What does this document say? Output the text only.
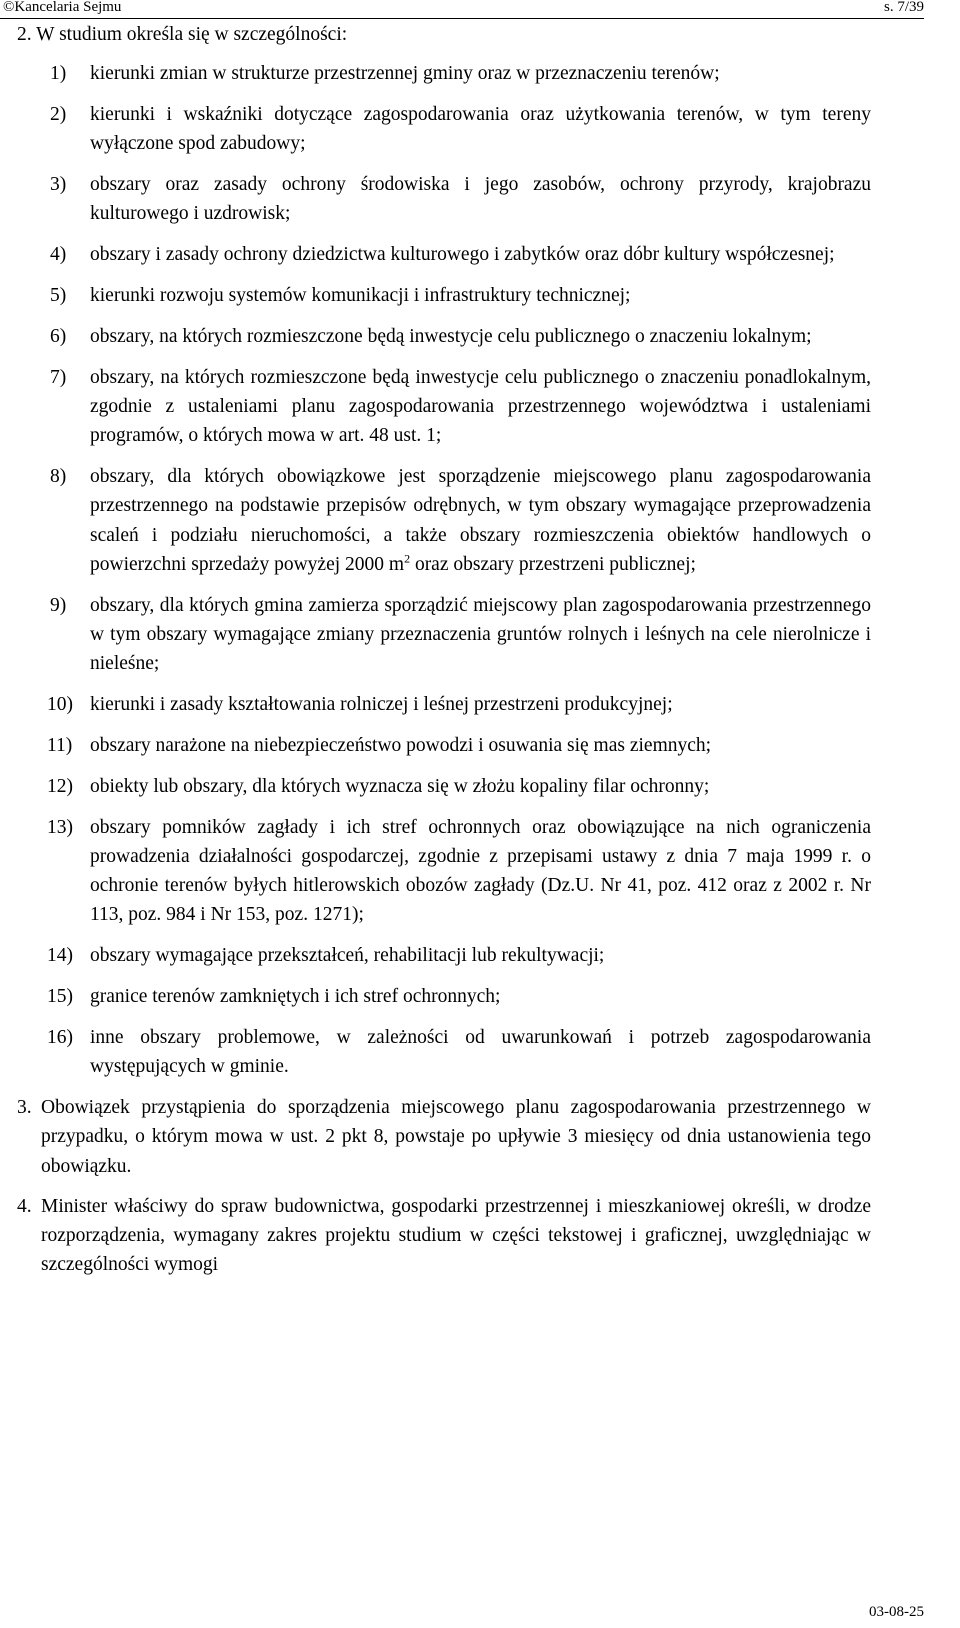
©Kancelaria Sejmu	s. 7/39
2. W studium określa się w szczególności:
1) kierunki zmian w strukturze przestrzennej gminy oraz w przeznaczeniu terenów;
2) kierunki i wskaźniki dotyczące zagospodarowania oraz użytkowania terenów, w tym tereny wyłączone spod zabudowy;
3) obszary oraz zasady ochrony środowiska i jego zasobów, ochrony przyrody, krajobrazu kulturowego i uzdrowisk;
4) obszary i zasady ochrony dziedzictwa kulturowego i zabytków oraz dóbr kultury współczesnej;
5) kierunki rozwoju systemów komunikacji i infrastruktury technicznej;
6) obszary, na których rozmieszczone będą inwestycje celu publicznego o znaczeniu lokalnym;
7) obszary, na których rozmieszczone będą inwestycje celu publicznego o znaczeniu ponadlokalnym, zgodnie z ustaleniami planu zagospodarowania przestrzennego województwa i ustaleniami programów, o których mowa w art. 48 ust. 1;
8) obszary, dla których obowiązkowe jest sporządzenie miejscowego planu zagospodarowania przestrzennego na podstawie przepisów odrębnych, w tym obszary wymagające przeprowadzenia scaleń i podziału nieruchomości, a także obszary rozmieszczenia obiektów handlowych o powierzchni sprzedaży powyżej 2000 $m^2$ oraz obszary przestrzeni publicznej;
9) obszary, dla których gmina zamierza sporządzić miejscowy plan zagospodarowania przestrzennego w tym obszary wymagające zmiany przeznaczenia gruntów rolnych i leśnych na cele nierolnicze i nieleśne;
10) kierunki i zasady kształtowania rolniczej i leśnej przestrzeni produkcyjnej;
11) obszary narażone na niebezpieczeństwo powodzi i osuwania się mas ziemnych;
12) obiekty lub obszary, dla których wyznacza się w złożu kopaliny filar ochronny;
13) obszary pomników zagłady i ich stref ochronnych oraz obowiązujące na nich ograniczenia prowadzenia działalności gospodarczej, zgodnie z przepisami ustawy z dnia 7 maja 1999 r. o ochronie terenów byłych hitlerowskich obozów zagłady (Dz.U. Nr 41, poz. 412 oraz z 2002 r. Nr 113, poz. 984 i Nr 153, poz. 1271);
14) obszary wymagające przekształceń, rehabilitacji lub rekultywacji;
15) granice terenów zamkniętych i ich stref ochronnych;
16) inne obszary problemowe, w zależności od uwarunkowań i potrzeb zagospodarowania występujących w gminie.
3. Obowiązek przystąpienia do sporządzenia miejscowego planu zagospodarowania przestrzennego w przypadku, o którym mowa w ust. 2 pkt 8, powstaje po upływie 3 miesięcy od dnia ustanowienia tego obowiązku.
4. Minister właściwy do spraw budownictwa, gospodarki przestrzennej i mieszkaniowej określi, w drodze rozporządzenia, wymagany zakres projektu studium w części tekstowej i graficznej, uwzględniając w szczególności wymogi
03-08-25
